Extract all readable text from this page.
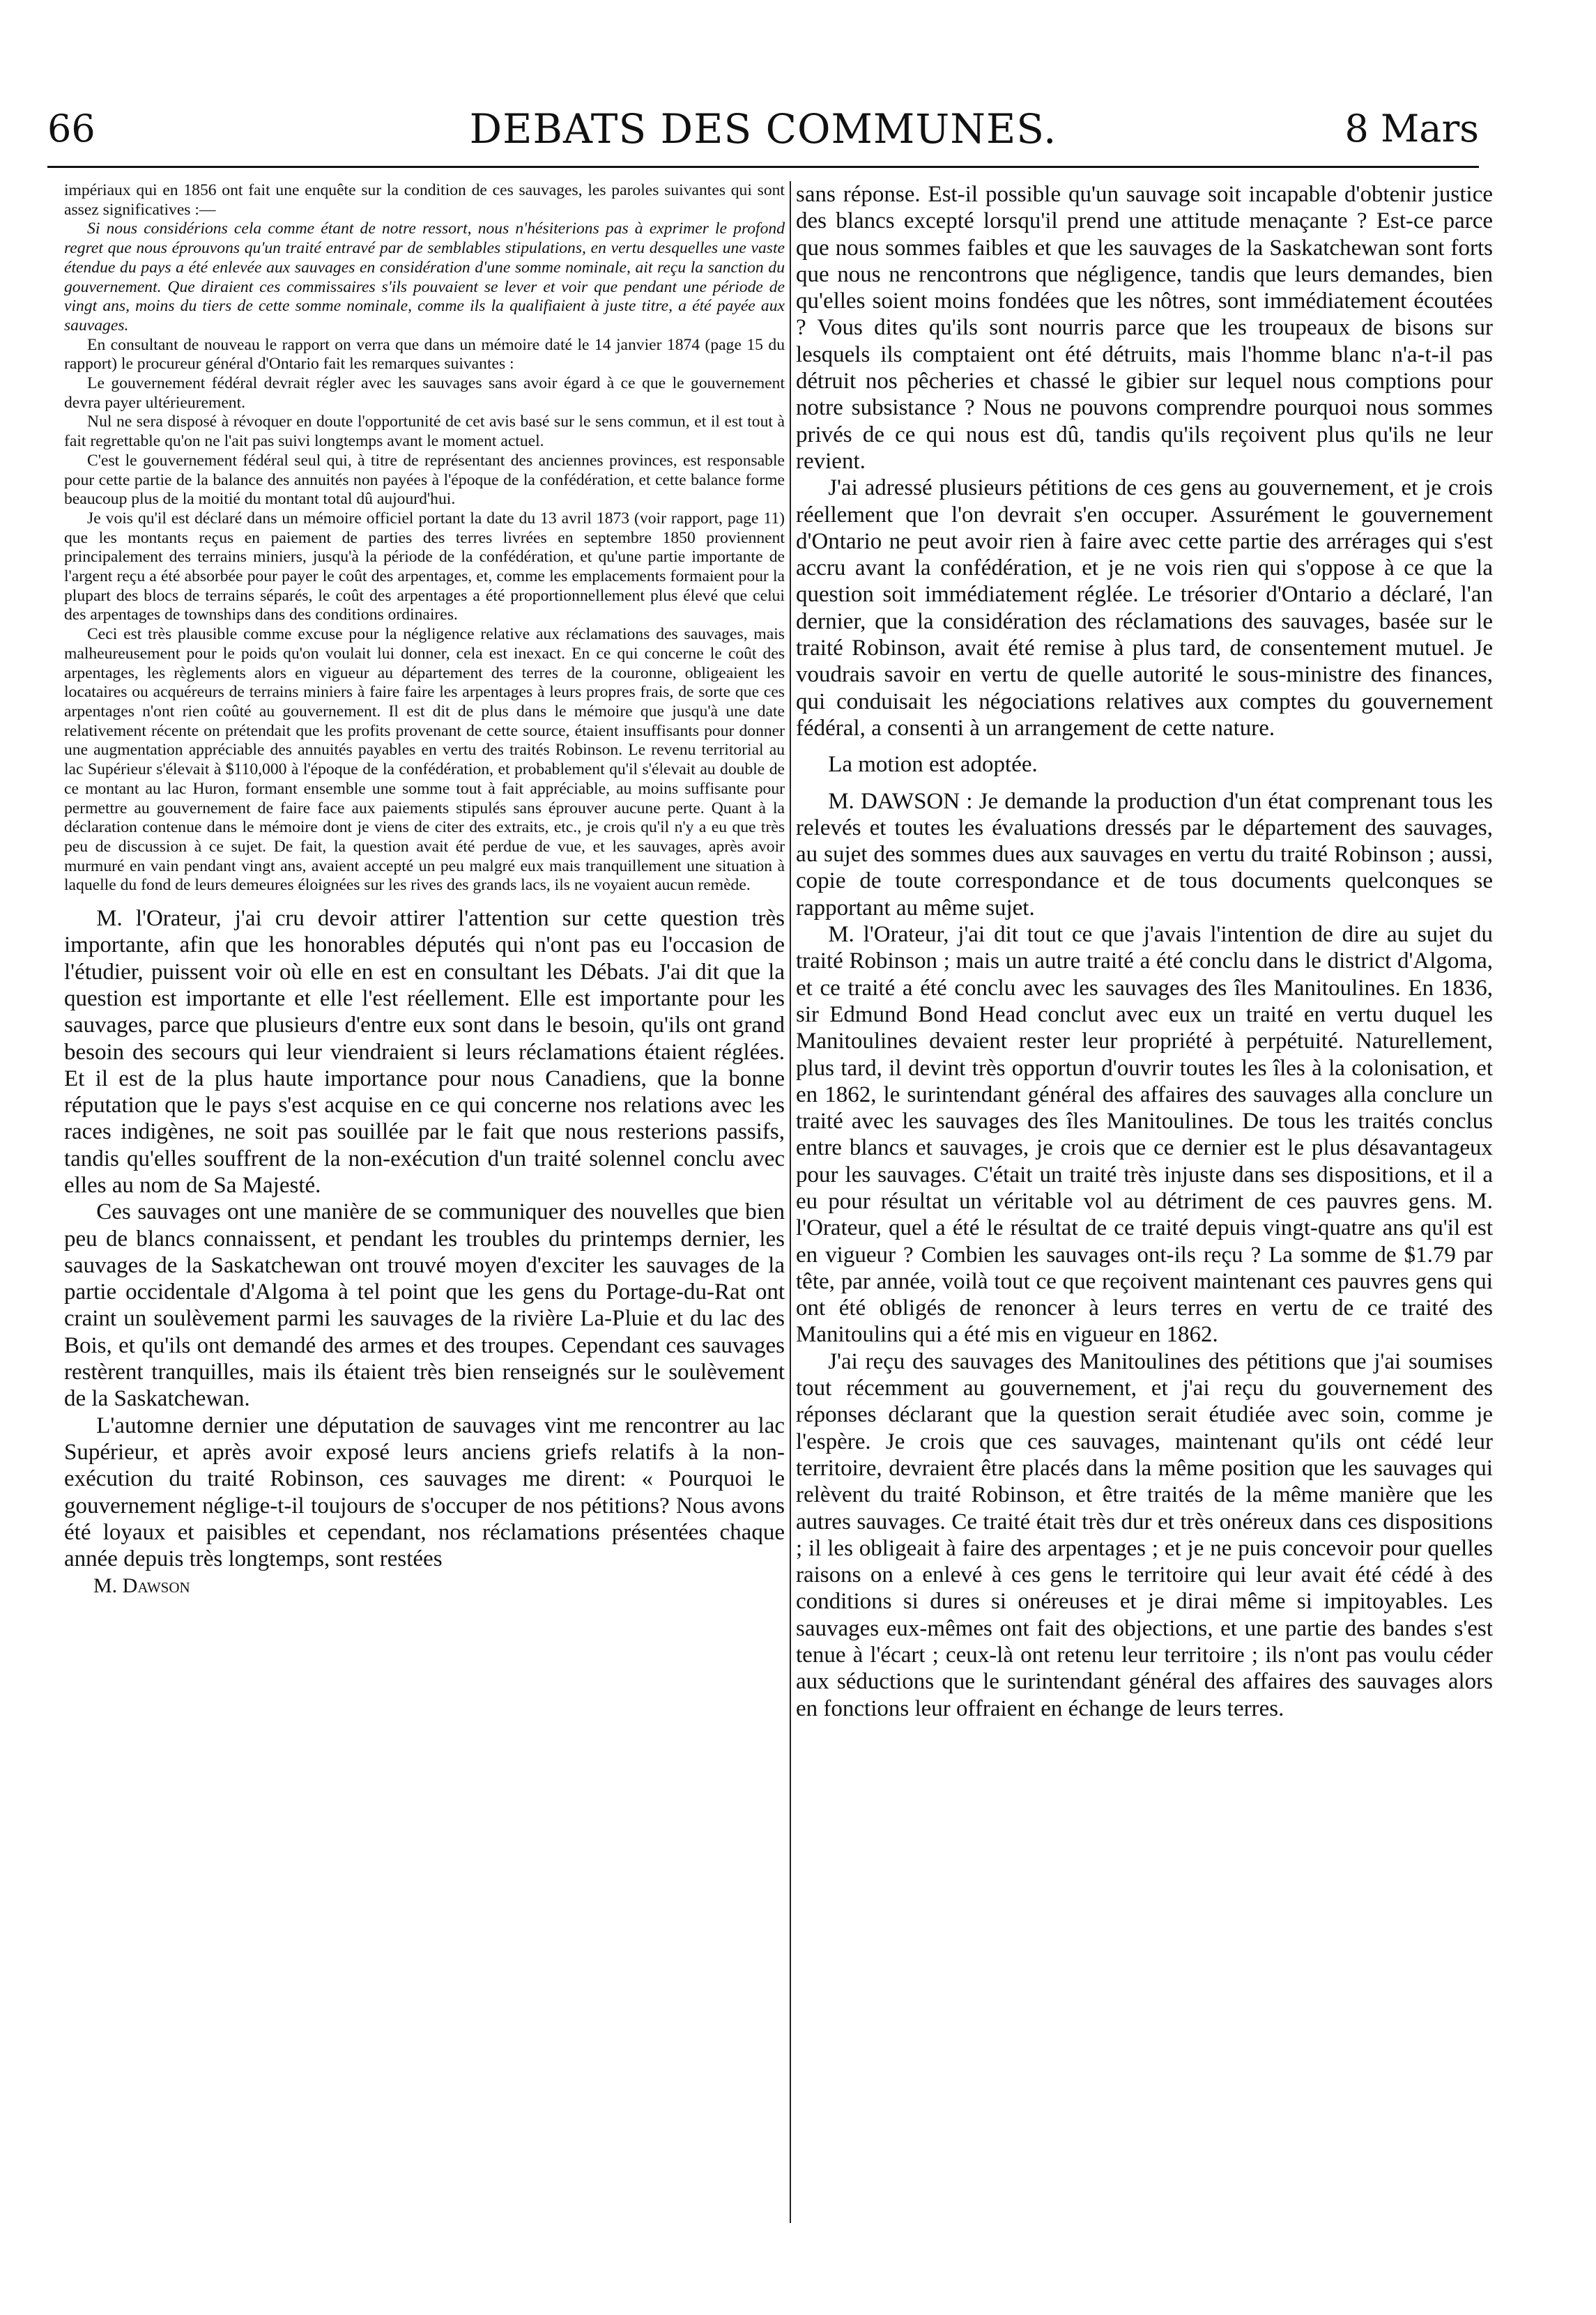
66	DEBATS DES COMMUNES.	8 Mars

impériaux qui en 1856 ont fait une enquête sur la condition de ces sauvages, les paroles suivantes qui sont assez significatives :—

Si nous considérions cela comme étant de notre ressort, nous n'hésiterions pas à exprimer le profond regret que nous éprouvons qu'un traité entravé par de semblables stipulations, en vertu desquelles une vaste étendue du pays a été enlevée aux sauvages en considération d'une somme nominale, ait reçu la sanction du gouvernement. Que diraient ces commissaires s'ils pouvaient se lever et voir que pendant une période de vingt ans, moins du tiers de cette somme nominale, comme ils la qualifiaient à juste titre, a été payée aux sauvages.

En consultant de nouveau le rapport on verra que dans un mémoire daté le 14 janvier 1874 (page 15 du rapport) le procureur général d'Ontario fait les remarques suivantes :

Le gouvernement fédéral devrait régler avec les sauvages sans avoir égard à ce que le gouvernement devra payer ultérieurement.

Nul ne sera disposé à révoquer en doute l'opportunité de cet avis basé sur le sens commun, et il est tout à fait regrettable qu'on ne l'ait pas suivi longtemps avant le moment actuel.

C'est le gouvernement fédéral seul qui, à titre de représentant des anciennes provinces, est responsable pour cette partie de la balance des annuités non payées à l'époque de la confédération, et cette balance forme beaucoup plus de la moitié du montant total dû aujourd'hui.

Je vois qu'il est déclaré dans un mémoire officiel portant la date du 13 avril 1873 (voir rapport, page 11) que les montants reçus en paiement de parties des terres livrées en septembre 1850 proviennent principalement des terrains miniers, jusqu'à la période de la confédération, et qu'une partie importante de l'argent reçu a été absorbée pour payer le coût des arpentages, et, comme les emplacements formaient pour la plupart des blocs de terrains séparés, le coût des arpentages a été proportionnellement plus élevé que celui des arpentages de townships dans des conditions ordinaires.

Ceci est très plausible comme excuse pour la négligence relative aux réclamations des sauvages, mais malheureusement pour le poids qu'on voulait lui donner, cela est inexact. En ce qui concerne le coût des arpentages, les règlements alors en vigueur au département des terres de la couronne, obligeaient les locataires ou acquéreurs de terrains miniers à faire faire les arpentages à leurs propres frais, de sorte que ces arpentages n'ont rien coûté au gouvernement. Il est dit de plus dans le mémoire que jusqu'à une date relativement récente on prétendait que les profits provenant de cette source, étaient insuffisants pour donner une augmentation appréciable des annuités payables en vertu des traités Robinson. Le revenu territorial au lac Supérieur s'élevait à $110,000 à l'époque de la confédération, et probablement qu'il s'élevait au double de ce montant au lac Huron, formant ensemble une somme tout à fait appréciable, au moins suffisante pour permettre au gouvernement de faire face aux paiements stipulés sans éprouver aucune perte. Quant à la déclaration contenue dans le mémoire dont je viens de citer des extraits, etc., je crois qu'il n'y a eu que très peu de discussion à ce sujet. De fait, la question avait été perdue de vue, et les sauvages, après avoir murmuré en vain pendant vingt ans, avaient accepté un peu malgré eux mais tranquillement une situation à laquelle du fond de leurs demeures éloignées sur les rives des grands lacs, ils ne voyaient aucun remède.

M. l'Orateur, j'ai cru devoir attirer l'attention sur cette question très importante, afin que les honorables députés qui n'ont pas eu l'occasion de l'étudier, puissent voir où elle en est en consultant les Débats. J'ai dit que la question est importante et elle l'est réellement. Elle est importante pour les sauvages, parce que plusieurs d'entre eux sont dans le besoin, qu'ils ont grand besoin des secours qui leur viendraient si leurs réclamations étaient réglées. Et il est de la plus haute importance pour nous Canadiens, que la bonne réputation que le pays s'est acquise en ce qui concerne nos relations avec les races indigènes, ne soit pas souillée par le fait que nous resterions passifs, tandis qu'elles souffrent de la non-exécution d'un traité solennel conclu avec elles au nom de Sa Majesté.

Ces sauvages ont une manière de se communiquer des nouvelles que bien peu de blancs connaissent, et pendant les troubles du printemps dernier, les sauvages de la Saskatchewan ont trouvé moyen d'exciter les sauvages de la partie occidentale d'Algoma à tel point que les gens du Portage-du-Rat ont craint un soulèvement parmi les sauvages de la rivière La-Pluie et du lac des Bois, et qu'ils ont demandé des armes et des troupes. Cependant ces sauvages restèrent tranquilles, mais ils étaient très bien renseignés sur le soulèvement de la Saskatchewan.

L'automne dernier une députation de sauvages vint me rencontrer au lac Supérieur, et après avoir exposé leurs anciens griefs relatifs à la non-exécution du traité Robinson, ces sauvages me dirent: « Pourquoi le gouvernement néglige-t-il toujours de s'occuper de nos pétitions? Nous avons été loyaux et paisibles et cependant, nos réclamations présentées chaque année depuis très longtemps, sont restées

M. Dawson

sans réponse. Est-il possible qu'un sauvage soit incapable d'obtenir justice des blancs excepté lorsqu'il prend une attitude menaçante ? Est-ce parce que nous sommes faibles et que les sauvages de la Saskatchewan sont forts que nous ne rencontrons que négligence, tandis que leurs demandes, bien qu'elles soient moins fondées que les nôtres, sont immédiatement écoutées ? Vous dites qu'ils sont nourris parce que les troupeaux de bisons sur lesquels ils comptaient ont été détruits, mais l'homme blanc n'a-t-il pas détruit nos pêcheries et chassé le gibier sur lequel nous comptions pour notre subsistance ? Nous ne pouvons comprendre pourquoi nous sommes privés de ce qui nous est dû, tandis qu'ils reçoivent plus qu'ils ne leur revient.

J'ai adressé plusieurs pétitions de ces gens au gouvernement, et je crois réellement que l'on devrait s'en occuper. Assurément le gouvernement d'Ontario ne peut avoir rien à faire avec cette partie des arrérages qui s'est accru avant la confédération, et je ne vois rien qui s'oppose à ce que la question soit immédiatement réglée. Le trésorier d'Ontario a déclaré, l'an dernier, que la considération des réclamations des sauvages, basée sur le traité Robinson, avait été remise à plus tard, de consentement mutuel. Je voudrais savoir en vertu de quelle autorité le sous-ministre des finances, qui conduisait les négociations relatives aux comptes du gouvernement fédéral, a consenti à un arrangement de cette nature.

La motion est adoptée.

M. DAWSON : Je demande la production d'un état comprenant tous les relevés et toutes les évaluations dressés par le département des sauvages, au sujet des sommes dues aux sauvages en vertu du traité Robinson ; aussi, copie de toute correspondance et de tous documents quelconques se rapportant au même sujet.

M. l'Orateur, j'ai dit tout ce que j'avais l'intention de dire au sujet du traité Robinson ; mais un autre traité a été conclu dans le district d'Algoma, et ce traité a été conclu avec les sauvages des îles Manitoulines. En 1836, sir Edmund Bond Head conclut avec eux un traité en vertu duquel les Manitoulines devaient rester leur propriété à perpétuité. Naturellement, plus tard, il devint très opportun d'ouvrir toutes les îles à la colonisation, et en 1862, le surintendant général des affaires des sauvages alla conclure un traité avec les sauvages des îles Manitoulines. De tous les traités conclus entre blancs et sauvages, je crois que ce dernier est le plus désavantageux pour les sauvages. C'était un traité très injuste dans ses dispositions, et il a eu pour résultat un véritable vol au détriment de ces pauvres gens. M. l'Orateur, quel a été le résultat de ce traité depuis vingt-quatre ans qu'il est en vigueur ? Combien les sauvages ont-ils reçu ? La somme de $1.79 par tête, par année, voilà tout ce que reçoivent maintenant ces pauvres gens qui ont été obligés de renoncer à leurs terres en vertu de ce traité des Manitoulins qui a été mis en vigueur en 1862.

J'ai reçu des sauvages des Manitoulines des pétitions que j'ai soumises tout récemment au gouvernement, et j'ai reçu du gouvernement des réponses déclarant que la question serait étudiée avec soin, comme je l'espère. Je crois que ces sauvages, maintenant qu'ils ont cédé leur territoire, devraient être placés dans la même position que les sauvages qui relèvent du traité Robinson, et être traités de la même manière que les autres sauvages. Ce traité était très dur et très onéreux dans ces dispositions ; il les obligeait à faire des arpentages ; et je ne puis concevoir pour quelles raisons on a enlevé à ces gens le territoire qui leur avait été cédé à des conditions si dures si onéreuses et je dirai même si impitoyables. Les sauvages eux-mêmes ont fait des objections, et une partie des bandes s'est tenue à l'écart ; ceux-là ont retenu leur territoire ; ils n'ont pas voulu céder aux séductions que le surintendant général des affaires des sauvages alors en fonctions leur offraient en échange de leurs terres.
